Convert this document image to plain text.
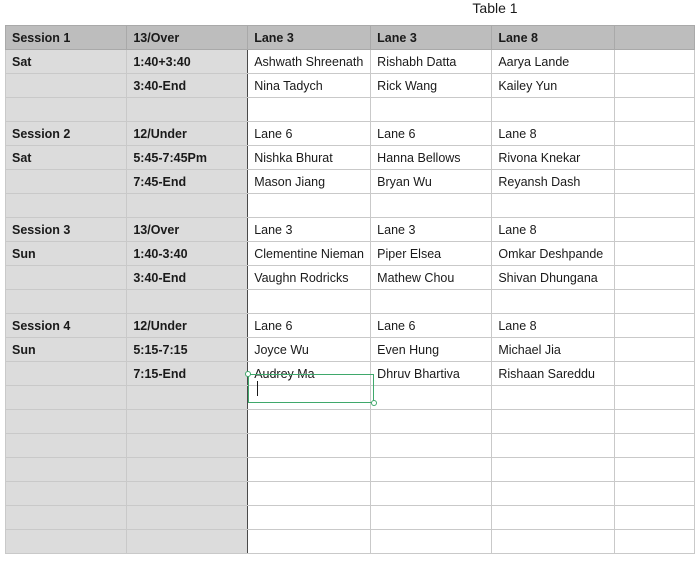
Table 1
Session 1	13/Over	Lane 3	Lane 3	Lane 8	
Sat	1:40+3:40	Ashwath Shreenath	Rishabh Datta	Aarya Lande	
	3:40-End	Nina Tadych	Rick Wang	Kailey Yun	

Session 2	12/Under	Lane 6	Lane 6	Lane 8	
Sat	5:45-7:45Pm	Nishka Bhurat	Hanna Bellows	Rivona Knekar	
	7:45-End	Mason Jiang	Bryan Wu	Reyansh Dash	

Session 3	13/Over	Lane 3	Lane 3	Lane 8	
Sun	1:40-3:40	Clementine Nieman	Piper Elsea	Omkar Deshpande	
	3:40-End	Vaughn Rodricks	Mathew Chou	Shivan Dhungana	

Session 4	12/Under	Lane 6	Lane 6	Lane 8	
Sun	5:15-7:15	Joyce Wu	Even Hung	Michael Jia	
	7:15-End	Audrey Ma	Dhruv Bhartiva	Rishaan Sareddu	
